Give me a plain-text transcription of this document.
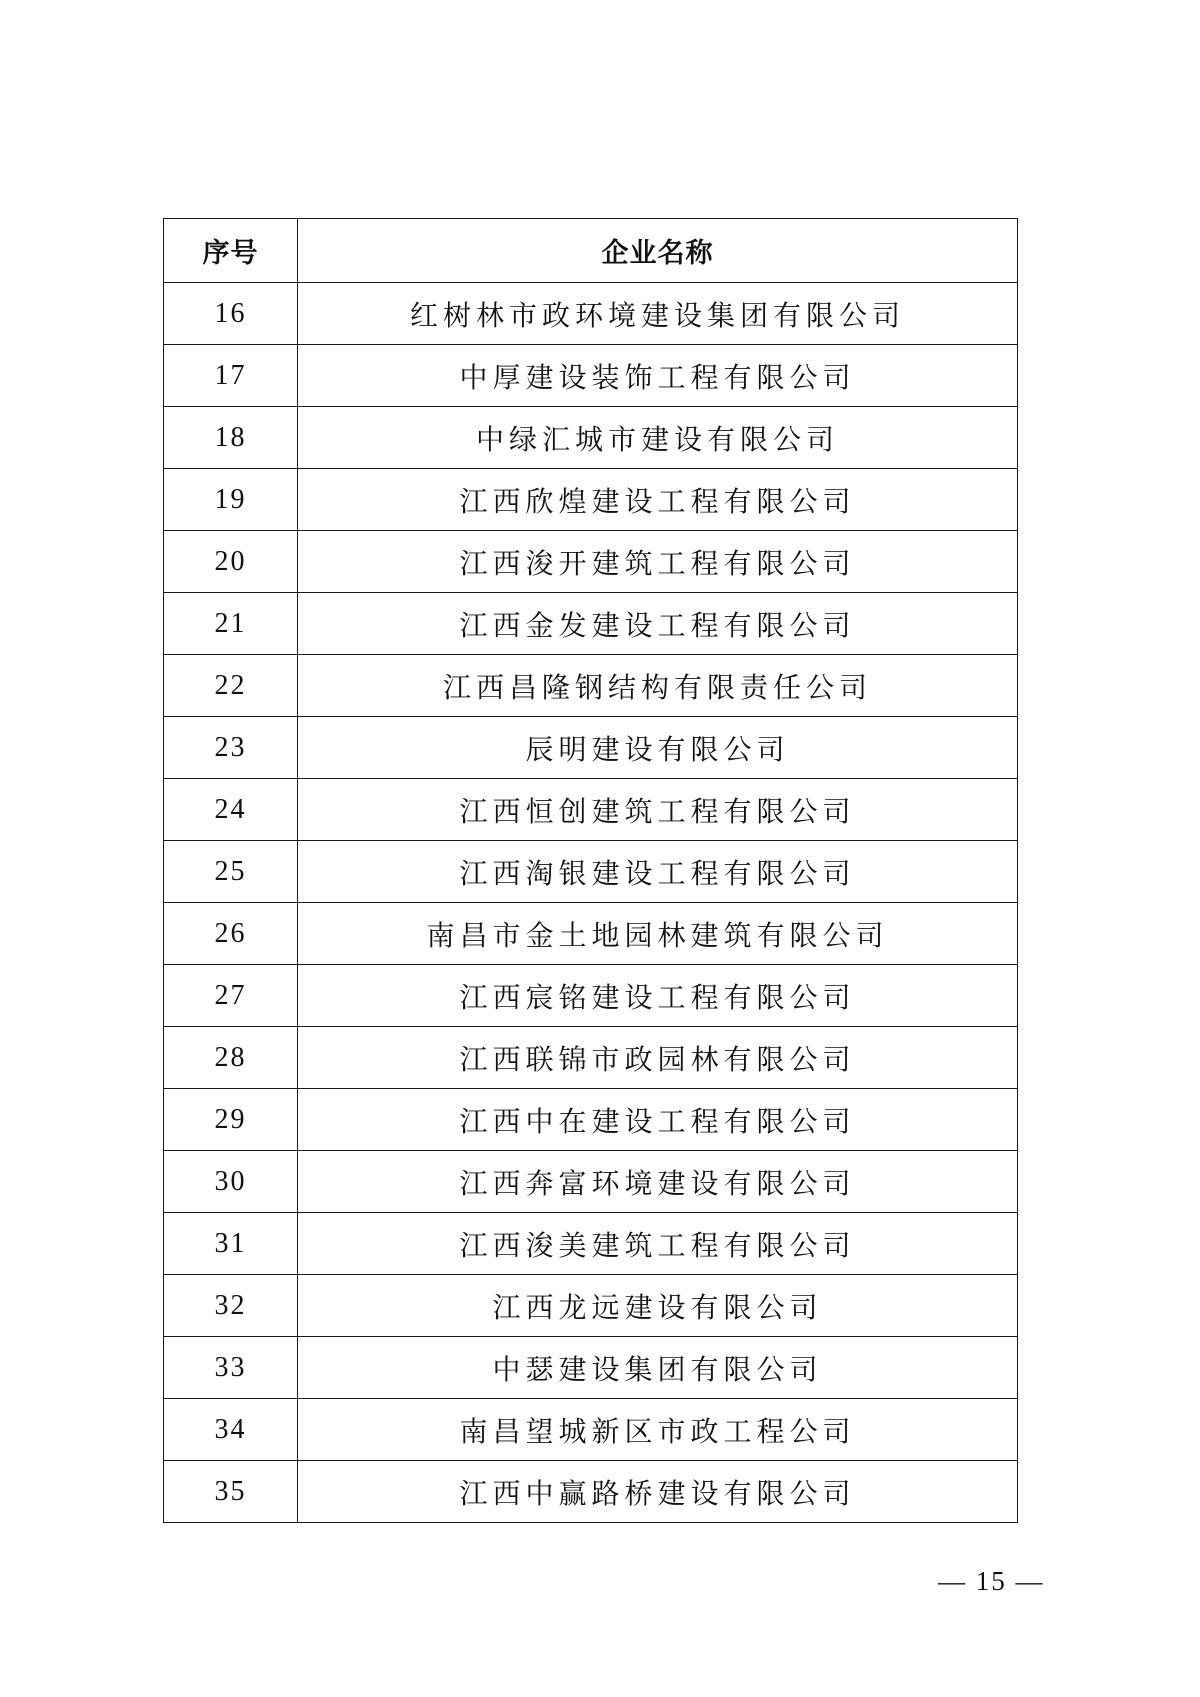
序号	企业名称
16	红树林市政环境建设集团有限公司
17	中厚建设装饰工程有限公司
18	中绿汇城市建设有限公司
19	江西欣煌建设工程有限公司
20	江西浚开建筑工程有限公司
21	江西金发建设工程有限公司
22	江西昌隆钢结构有限责任公司
23	辰明建设有限公司
24	江西恒创建筑工程有限公司
25	江西淘银建设工程有限公司
26	南昌市金土地园林建筑有限公司
27	江西宸铭建设工程有限公司
28	江西联锦市政园林有限公司
29	江西中在建设工程有限公司
30	江西奔富环境建设有限公司
31	江西浚美建筑工程有限公司
32	江西龙远建设有限公司
33	中瑟建设集团有限公司
34	南昌望城新区市政工程公司
35	江西中赢路桥建设有限公司
— 15 —
